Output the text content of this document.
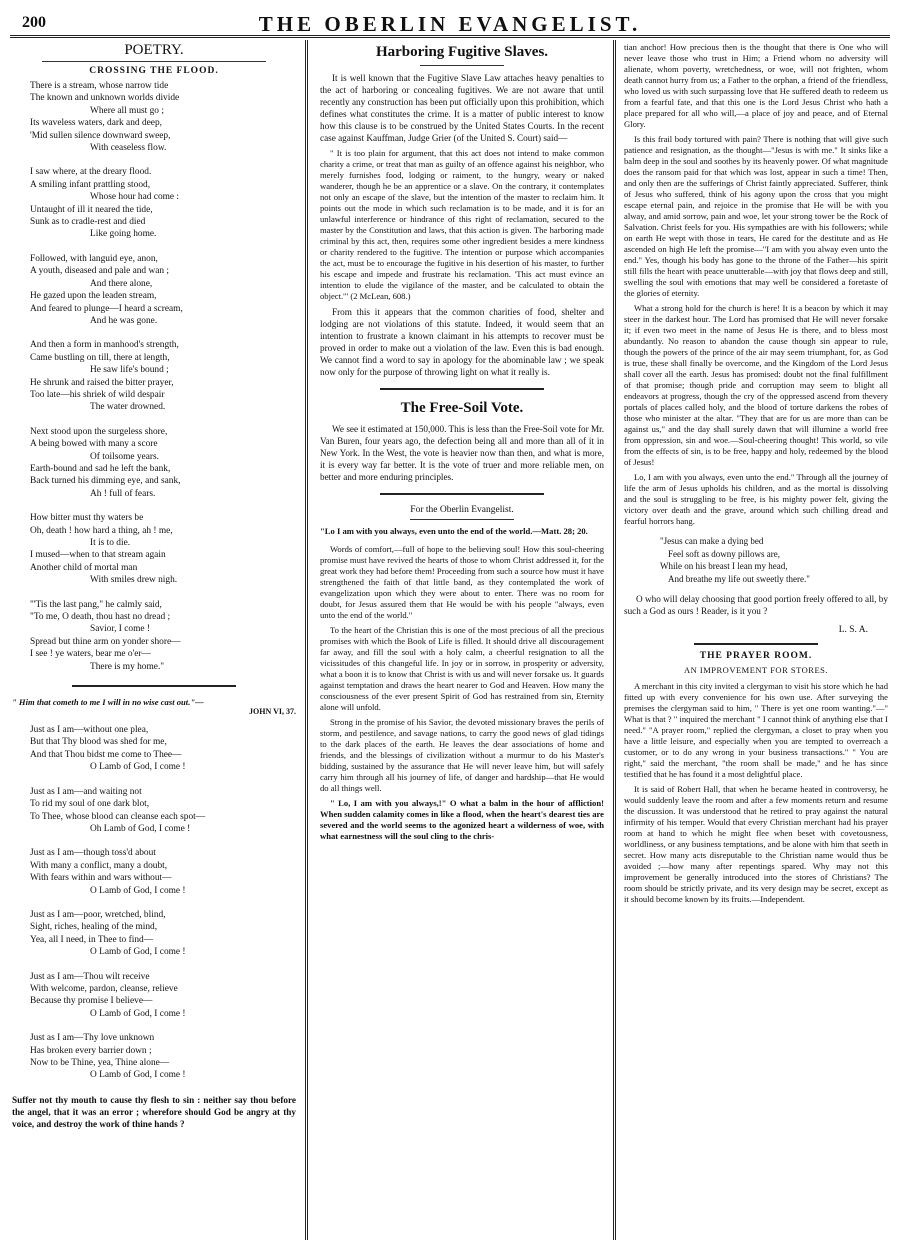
200	THE OBERLIN EVANGELIST.
POETRY.
CROSSING THE FLOOD.
There is a stream, whose narrow tide
The known and unknown worlds divide
Where all must go ;
Its waveless waters, dark and deep,
'Mid sullen silence downward sweep,
With ceaseless flow.
I saw where, at the dreary flood.
A smiling infant prattling stood,
Whose hour had come :
Untaught of ill it neared the tide,
Sunk as to cradle-rest and died
Like going home.
Followed, with languid eye, anon,
A youth, diseased and pale and wan ;
And there alone,
He gazed upon the leaden stream,
And feared to plunge—I heard a scream,
And he was gone.
And then a form in manhood's strength,
Came bustling on till, there at length,
He saw life's bound ;
He shrunk and raised the bitter prayer,
Too late—his shriek of wild despair
The water drowned.
Next stood upon the surgeless shore,
A being bowed with many a score
Of toilsome years.
Earth-bound and sad he left the bank,
Back turned his dimming eye, and sank,
Ah ! full of fears.
How bitter must thy waters be
Oh, death ! how hard a thing, ah ! me,
It is to die.
I mused—when to that stream again
Another child of mortal man
With smiles drew nigh.
"'Tis the last pang," he calmly said,
"To me, O death, thou hast no dread ;
Savior, I come !
Spread but thine arm on yonder shore—
I see ! ye waters, bear me o'er—
There is my home."
" Him that cometh to me I will in no wise cast out."—
JOHN VI, 37.
Just as I am—without one plea,
But that Thy blood was shed for me,
And that Thou bidst me come to Thee—
O Lamb of God, I come !
Just as I am—and waiting not
To rid my soul of one dark blot,
To Thee, whose blood can cleanse each spot—
Oh Lamb of God, I come !
Just as I am—though toss'd about
With many a conflict, many a doubt,
With fears within and wars without—
O Lamb of God, I come !
Just as I am—poor, wretched, blind,
Sight, riches, healing of the mind,
Yea, all I need, in Thee to find—
O Lamb of God, I come !
Just as I am—Thou wilt receive
With welcome, pardon, cleanse, relieve
Because thy promise I believe—
O Lamb of God, I come !
Just as I am—Thy love unknown
Has broken every barrier down ;
Now to be Thine, yea, Thine alone—
O Lamb of God, I come !
Suffer not thy mouth to cause thy flesh to sin : neither say thou before the angel, that it was an error ; wherefore should God be angry at thy voice, and destroy the work of thine hands ?
Harboring Fugitive Slaves.

It is well known that the Fugitive Slave Law attaches heavy penalties to the act of harboring or concealing fugitives. We are not aware that until recently any construction has been put officially upon this prohibition, which defines what constitutes the crime. It is a matter of public interest to know how this clause is to be construed by the United States Courts. In the recent case against Kauffman, Judge Grier (of the United S. Court) said—

" It is too plain for argument, that this act does not intend to make common charity a crime, or treat that man as guilty of an offence against his neighbor, who merely furnishes food, lodging or raiment, to the hungry, weary or naked wanderer, though he be an apprentice or a slave. On the contrary, it contemplates not only an escape of the slave, but the intention of the master to reclaim him. It points out the mode in which such reclamation is to be made, and it is for an unlawful interference or hindrance of this right of reclamation, secured to the master by the Constitution and laws, that this action is given. The harboring made criminal by this act, then, requires some other ingredient besides a mere kindness or charity rendered to the fugitive. The intention or purpose which accompanies the act, must be to encourage the fugitive in his desertion of his master, to further his escape and impede and frustrate his reclamation. 'This act must evince an intention to elude the vigilance of the master, and be calculated to obtain the object.'" (2 McLean, 608.)

From this it appears that the common charities of food, shelter and lodging are not violations of this statute. Indeed, it would seem that an intention to frustrate a known claimant in his attempts to recover must be proved in order to make out a violation of the law. Even this is bad enough. We cannot find a word to say in apology for the abominable law ; we speak now only for the purpose of throwing light on what it really is.

The Free-Soil Vote.

We see it estimated at 150,000. This is less than the Free-Soil vote for Mr. Van Buren, four years ago, the defection being all and more than all of it in New York. In the West, the vote is heavier now than then, and what is more, it is every way far better. It is the vote of truer and more reliable men, on better and more enduring principles.

For the Oberlin Evangelist.
"Lo I am with you always, even unto the end of the world.—Matt. 28; 20.

Words of comfort,—full of hope to the believing soul! How this soul-cheering promise must have revived the hearts of those to whom Christ addressed it, for the great work they had before them! Proceeding from such a source how must it have strengthened the faith of that little band, as they contemplated the work of evangelization upon which they were about to enter. There was no room for doubt, for Jesus assured them that He would be with his people "always, even unto the end of the world."

To the heart of the Christian this is one of the most precious of all the precious promises with which the Book of Life is filled. It should drive all discouragement far away, and fill the soul with a holy calm, a cheerful resignation to all the vicissitudes of this changeful life. In joy or in sorrow, in prosperity or adversity, what a boon it is to know that Christ is with us and will never forsake us. It guards against temptation and draws the heart nearer to God and Heaven. How many the consciousness of the ever present Spirit of God has restrained from sin, Eternity alone will unfold.

Strong in the promise of his Savior, the devoted missionary braves the perils of storm, and pestilence, and savage nations, to carry the good news of glad tidings to the dark places of the earth. He leaves the dear associations of home and friends, and the blessings of civilization without a murmur to do his Master's bidding, sustained by the assurance that He will never leave him, but will safely carry him through all his journey of life, of danger and hardship—that He would do all things well.

" Lo, I am with you always,!" O what a balm in the hour of affliction! When sudden calamity comes in like a flood, when the heart's dearest ties are severed and the world seems to the agonized heart a wilderness of woe, with what earnestness will the soul cling to the chris-

tian anchor! How precious then is the thought that there is One who will never leave those who trust in Him; a Friend whom no adversity will alienate, whom poverty, wretchedness, or woe, will not frighten, whom death cannot hurry from us; a Father to the orphan, a friend of the friendless, who loved us with such surpassing love that He suffered death to redeem us from a fearful fate, and that this one is the Lord Jesus Christ who hath a place prepared for all who will,—a place of joy and peace, and of Eternal Glory.

Is this frail body tortured with pain? There is nothing that will give such patience and resignation, as the thought—"Jesus is with me." It sinks like a balm deep in the soul and soothes by its heavenly power. Of what magnitude does the ransom paid for that which was lost, appear in such a time! Then, and only then are the sufferings of Christ faintly appreciated. Sufferer, think of Jesus who suffered, think of his agony upon the cross that you might escape eternal pain, and rejoice in the promise that He will be with you alway, and amid sorrow, pain and woe, let your strong tower be the Rock of Salvation. Christ feels for you. His sympathies are with his followers; while on earth He wept with those in tears, He cared for the destitute and as He ascended on high He left the promise—"I am with you alway even unto the end." Yes, though his body has gone to the throne of the Father—his spirit still fills the heart with peace unutterable—with joy that flows deep and still, swelling the soul with emotions that may well be considered a foretaste of the glories of eternity.

What a strong hold for the church is here! It is a beacon by which it may steer in the darkest hour. The Lord has promised that He will never forsake it; if even two meet in the name of Jesus He is there, and to bless most abundantly. No reason to abandon the cause though sin appear to rule, though the powers of the prince of the air may seem triumphant, for, as God is true, these shall finally be overcome, and the Kingdom of the Lord Jesus shall cover all the earth. Jesus has promised: doubt not the final fulfillment of that promise; though pride and corruption may seem to blight all endeavors at progress, though the cry of the oppressed ascend from thevery portals of places called holy, and the blood of torture darkens the robes of those who minister at the altar. "They that are for us are more than can be against us," and the day shall surely dawn that will illumine a world free from oppression, sin and woe.—Soul-cheering thought! This world, so vile from the effects of sin, is to be free, happy and holy, redeemed by the blood of Jesus!

Lo, I am with you always, even unto the end." Through all the journey of life the arm of Jesus upholds his children, and as the mortal is dissolving and the soul is struggling to be free, is his mighty power felt, giving the victory over death and the grave, around which such chilling dread and fearful horrors hang.

"Jesus can make a dying bed
Feel soft as downy pillows are,
While on his breast I lean my head,
And breathe my life out sweetly there."

O who will delay choosing that good portion freely offered to all, by such a God as ours ! Reader, is it you ?

L. S. A.
THE PRAYER ROOM.
AN IMPROVEMENT FOR STORES.

A merchant in this city invited a clergyman to visit his store which he had fitted up with every convenience for his own use. After surveying the premises the clergyman said to him, " There is yet one room wanting."—" What is that ? " inquired the merchant " I cannot think of anything else that I need." "A prayer room," replied the clergyman, a closet to pray when you have a little leisure, and especially when you are tempted to overreach a customer, or to do any wrong in your business transactions." " You are right," said the merchant, "the room shall be made," and he has since testified that he has found it a most delightful place.

It is said of Robert Hall, that when he became heated in controversy, he would suddenly leave the room and after a few moments return and resume the discussion. It was understood that he retired to pray against the natural infirmity of his temper. Would that every Christian merchant had his prayer room at hand to which he might flee when beset with covetousness, worldliness, or any business temptations, and be alone with him that seeth in secret. How many acts disreputable to the Christian name would thus be avoided ;—how many after repentings spared. Why may not this improvement be generally introduced into the stores of Christians? The room should be strictly private, and its very design may be secret, except as it should become known by its fruits.—Independent.
